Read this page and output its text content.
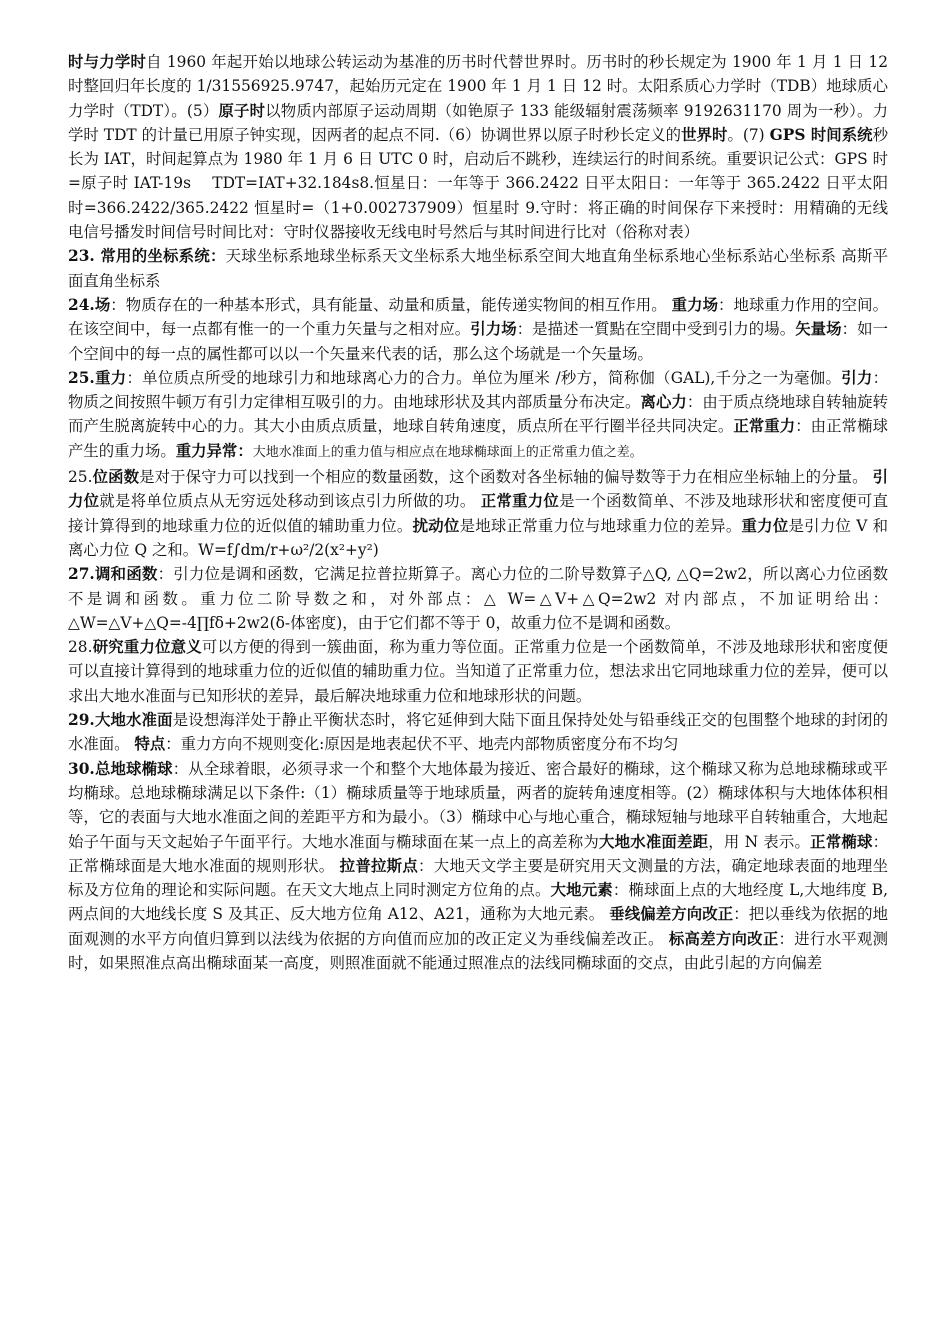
时与力学时自 1960 年起开始以地球公转运动为基准的历书时代替世界时。历书时的秒长规定为 1900 年 1 月 1 日 12 时整回归年长度的 1/31556925.9747，起始历元定在 1900 年 1 月 1 日 12 时。太阳系质心力学时（TDB）地球质心力学时（TDT）。(5）原子时以物质内部原子运动周期（如铯原子 133 能级辐射震荡频率 9192631170 周为一秒）。力学时 TDT 的计量已用原子钟实现，因两者的起点不同.（6）协调世界以原子时秒长定义的世界时。(7) GPS 时间系统秒长为 IAT，时间起算点为 1980 年 1 月 6 日 UTC 0 时，启动后不跳秒，连续运行的时间系统。重要识记公式：GPS 时=原子时 IAT-19s　 TDT=IAT+32.184s8.恒星日：一年等于 366.2422 日平太阳日：一年等于 365.2422 日平太阳时=366.2422/365.2422 恒星时=（1+0.002737909）恒星时 9.守时：将正确的时间保存下来授时：用精确的无线电信号播发时间信号时间比对：守时仪器接收无线电时号然后与其时间进行比对（俗称对表）

23. 常用的坐标系统：天球坐标系地球坐标系天文坐标系大地坐标系空间大地直角坐标系地心坐标系站心坐标系 高斯平面直角坐标系

24.场：物质存在的一种基本形式，具有能量、动量和质量，能传递实物间的相互作用。 重力场：地球重力作用的空间。在该空间中，每一点都有惟一的一个重力矢量与之相对应。引力场：是描述一質點在空間中受到引力的場。矢量场：如一个空间中的每一点的属性都可以以一个矢量来代表的话，那么这个场就是一个矢量场。

25.重力：单位质点所受的地球引力和地球离心力的合力。单位为厘米 /秒方，简称伽（GAL),千分之一为毫伽。引力：物质之间按照牛顿万有引力定律相互吸引的力。由地球形状及其内部质量分布决定。离心力：由于质点绕地球自转轴旋转而产生脱离旋转中心的力。其大小由质点质量，地球自转角速度，质点所在平行圈半径共同决定。正常重力：由正常椭球产生的重力场。重力异常：大地水准面上的重力值与相应点在地球椭球面上的正常重力值之差。

25.位函数是对于保守力可以找到一个相应的数量函数，这个函数对各坐标轴的偏导数等于力在相应坐标轴上的分量。 引力位就是将单位质点从无穷远处移动到该点引力所做的功。 正常重力位是一个函数简单、不涉及地球形状和密度便可直接计算得到的地球重力位的近似值的辅助重力位。扰动位是地球正常重力位与地球重力位的差异。重力位是引力位 V 和离心力位 Q 之和。W=f∫dm/r+ω²/2(x²+y²)

27.调和函数：引力位是调和函数，它满足拉普拉斯算子。离心力位的二阶导数算子△Q, △Q=2w2，所以离心力位函数不是调和函数。重力位二阶导数之和，对外部点：△ W=△V+△Q=2w2 对内部点，不加证明给出：△W=△V+△Q=-4∏fδ+2w2(δ-体密度)，由于它们都不等于 0，故重力位不是调和函数。

28.研究重力位意义可以方便的得到一簇曲面，称为重力等位面。正常重力位是一个函数简单，不涉及地球形状和密度便可以直接计算得到的地球重力位的近似值的辅助重力位。当知道了正常重力位，想法求出它同地球重力位的差异，便可以求出大地水准面与已知形状的差异，最后解决地球重力位和地球形状的问题。

29.大地水准面是设想海洋处于静止平衡状态时，将它延伸到大陆下面且保持处处与铅垂线正交的包围整个地球的封闭的水准面。 特点：重力方向不规则变化:原因是地表起伏不平、地壳内部物质密度分布不均匀

30.总地球椭球：从全球着眼，必须寻求一个和整个大地体最为接近、密合最好的椭球，这个椭球又称为总地球椭球或平均椭球。总地球椭球满足以下条件:（1）椭球质量等于地球质量，两者的旋转角速度相等。(2）椭球体积与大地体体积相等，它的表面与大地水准面之间的差距平方和为最小。（3）椭球中心与地心重合，椭球短轴与地球平自转轴重合，大地起始子午面与天文起始子午面平行。大地水准面与椭球面在某一点上的高差称为大地水准面差距，用 N 表示。正常椭球：正常椭球面是大地水准面的规则形状。 拉普拉斯点：大地天文学主要是研究用天文测量的方法，确定地球表面的地理坐标及方位角的理论和实际问题。在天文大地点上同时测定方位角的点。大地元素：椭球面上点的大地经度 L,大地纬度 B,两点间的大地线长度 S 及其正、反大地方位角 A12、A21，通称为大地元素。 垂线偏差方向改正：把以垂线为依据的地面观测的水平方向值归算到以法线为依据的方向值而应加的改正定义为垂线偏差改正。 标高差方向改正：进行水平观测时，如果照准点高出椭球面某一高度，则照准面就不能通过照准点的法线同椭球面的交点，由此引起的方向偏差
